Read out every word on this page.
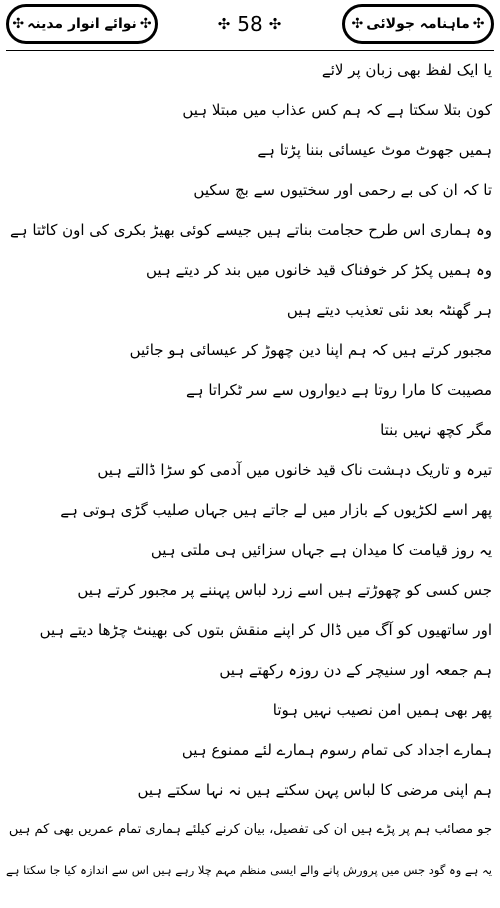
✣ نوائے انوار مدینہ ✣	✣ 58 ✣	✣ ماہنامہ جولائی ✣
یا ایک لفظ بھی زبان پر لائے
کون بتلا سکتا ہے کہ ہم کس عذاب میں مبتلا ہیں
ہمیں جھوٹ موٹ عیسائی بننا پڑتا ہے
تا کہ ان کی بے رحمی اور سختیوں سے بچ سکیں
وہ ہماری اس طرح حجامت بناتے ہیں جیسے کوئی بھیڑ بکری کی اون کاٹتا ہے
وہ ہمیں پکڑ کر خوفناک قید خانوں میں بند کر دیتے ہیں
ہر گھنٹہ بعد نئی تعذیب دیتے ہیں
مجبور کرتے ہیں کہ ہم اپنا دین چھوڑ کر عیسائی ہو جائیں
مصیبت کا مارا روتا ہے دیواروں سے سر ٹکراتا ہے
مگر کچھ نہیں بنتا
تیرہ و تاریک دہشت ناک قید خانوں میں آدمی کو سڑا ڈالتے ہیں
پھر اسے لکڑیوں کے بازار میں لے جاتے ہیں جہاں صلیب گڑی ہوتی ہے
یہ روز قیامت کا میدان ہے جہاں سزائیں ہی ملتی ہیں
جس کسی کو چھوڑتے ہیں اسے زرد لباس پہننے پر مجبور کرتے ہیں
اور ساتھیوں کو آگ میں ڈال کر اپنے منقش بتوں کی بھینٹ چڑھا دیتے ہیں
ہم جمعہ اور سنیچر کے دن روزہ رکھتے ہیں
پھر بھی ہمیں امن نصیب نہیں ہوتا
ہمارے اجداد کی تمام رسوم ہمارے لئے ممنوع ہیں
ہم اپنی مرضی کا لباس پہن سکتے ہیں نہ نہا سکتے ہیں
جو مصائب ہم پر پڑے ہیں ان کی تفصیل، بیان کرنے کیلئے ہماری تمام عمریں بھی کم ہیں
یہ ہے وہ گود جس میں پرورش پانے والے ایسی منظم مہم چلا رہے ہیں اس سے اندازہ کیا جا سکتا ہے
